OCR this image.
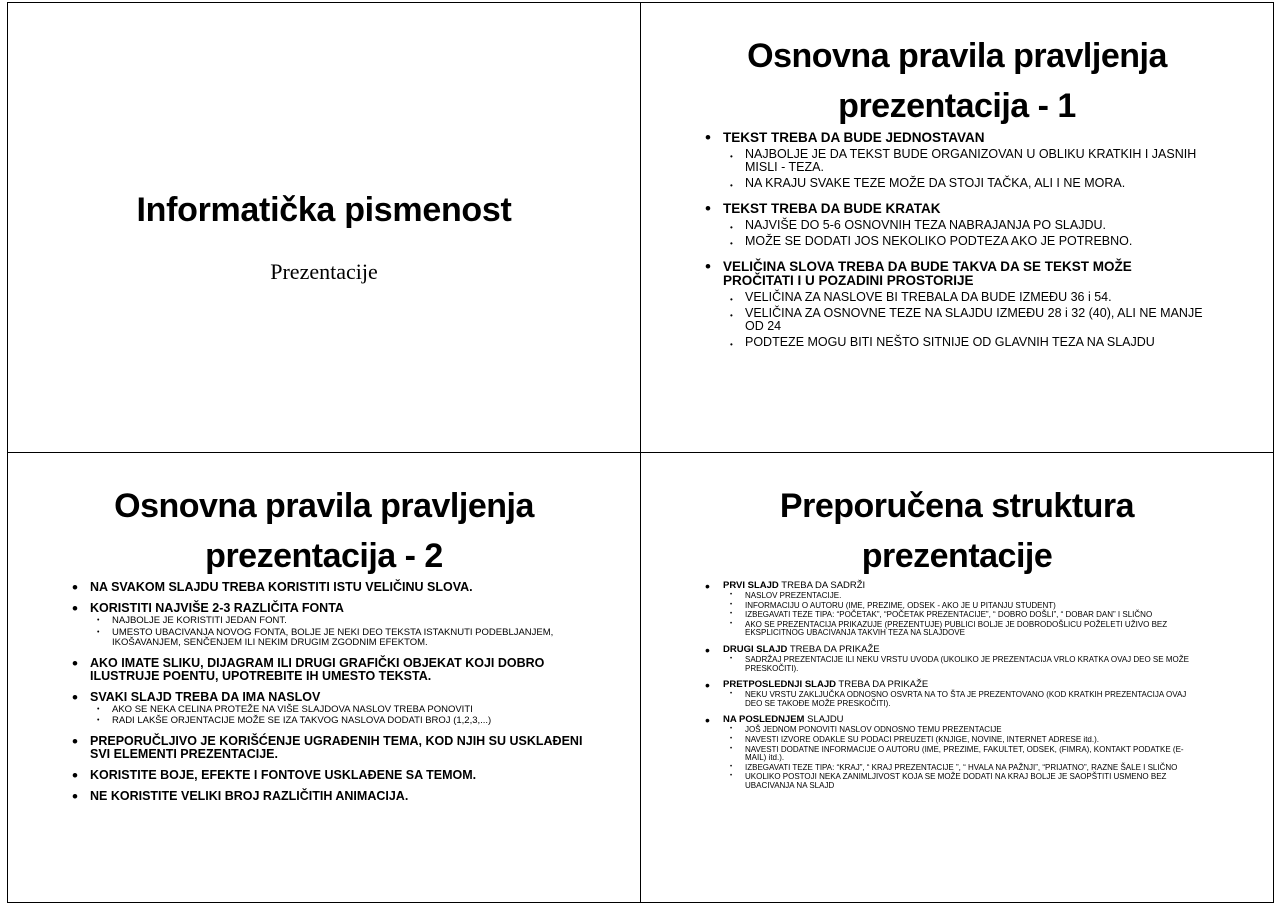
Informatička pismenost
Prezentacije
Osnovna pravila pravljenja
prezentacija - 1
• TEKST TREBA DA BUDE JEDNOSTAVAN
• NAJBOLJE JE DA TEKST BUDE ORGANIZOVAN U OBLIKU KRATKIH I JASNIH MISLI - TEZA.
• NA KRAJU SVAKE TEZE MOŽE DA STOJI TAČKA, ALI I NE MORA.
• TEKST TREBA DA BUDE KRATAK
• NAJVIŠE DO 5-6 OSNOVNIH TEZA NABRAJANJA PO SLAJDU.
• MOŽE SE DODATI JOS NEKOLIKO PODTEZA AKO JE POTREBNO.
• VELIČINA SLOVA TREBA DA BUDE TAKVA DA SE TEKST MOŽE PROČITATI I U POZADINI PROSTORIJE
• VELIČINA ZA NASLOVE BI TREBALA DA BUDE IZMEĐU 36 i 54.
• VELIČINA ZA OSNOVNE TEZE NA SLAJDU IZMEĐU 28 i 32 (40), ALI NE MANJE OD 24
• PODTEZE MOGU BITI NEŠTO SITNIJE OD GLAVNIH TEZA NA SLAJDU
Osnovna pravila pravljenja
prezentacija - 2
• NA SVAKOM SLAJDU TREBA KORISTITI ISTU VELIČINU SLOVA.
• KORISTITI NAJVIŠE 2-3 RAZLIČITA FONTA
• NAJBOLJE JE KORISTITI JEDAN FONT.
• UMESTO UBACIVANJA NOVOG FONTA, BOLJE JE NEKI DEO TEKSTA ISTAKNUTI PODEBLJANJEM, IKOŠAVANJEM, SENČENJEM ILI NEKIM DRUGIM ZGODNIM EFEKTOM.
• AKO IMATE SLIKU, DIJAGRAM ILI DRUGI GRAFIČKI OBJEKAT KOJI DOBRO ILUSTRUJE POENTU, UPOTREBITE IH UMESTO TEKSTA.
• SVAKI SLAJD TREBA DA IMA NASLOV
• AKO SE NEKA CELINA PROTEŽE NA VIŠE SLAJDOVA NASLOV TREBA PONOVITI
• RADI LAKŠE ORJENTACIJE MOŽE SE IZA TAKVOG NASLOVA DODATI BROJ (1,2,3,...)
• PREPORUČLJIVO JE KORIŠĆENJE UGRAĐENIH TEMA, KOD NJIH SU USKLAĐENI SVI ELEMENTI PREZENTACIJE.
• KORISTITE BOJE, EFEKTE I FONTOVE USKLAĐENE SA TEMOM.
• NE KORISTITE VELIKI BROJ RAZLIČITIH ANIMACIJA.
Preporučena struktura
prezentacije
• PRVI SLAJD TREBA DA SADRŽI
• NASLOV PREZENTACIJE.
• INFORMACIJU O AUTORU (IME, PREZIME, ODSEK - AKO JE U PITANJU STUDENT)
• IZBEGAVATI TEZE TIPA: “POČETAK”, “POČETAK PREZENTACIJE”, “ DOBRO DOŠLI”, “ DOBAR DAN” I SLIČNO
• AKO SE PREZENTACIJA PRIKAZUJE (PREZENTUJE) PUBLICI BOLJE JE DOBRODOŠLICU POŽELETI UŽIVO BEZ EKSPLICITNOG UBACIVANJA TAKVIH TEZA NA SLAJDOVE
• DRUGI SLAJD TREBA DA PRIKAŽE
• SADRŽAJ PREZENTACIJE ILI NEKU VRSTU UVODA (UKOLIKO JE PREZENTACIJA VRLO KRATKA OVAJ DEO SE MOŽE PRESKOČITI).
• PRETPOSLEDNJI SLAJD TREBA DA PRIKAŽE
• NEKU VRSTU ZAKLJUČKA ODNOSNO OSVRTA NA TO ŠTA JE PREZENTOVANO (KOD KRATKIH PREZENTACIJA OVAJ DEO SE TAKOĐE MOŽE PRESKOČITI).
• NA POSLEDNJEM SLAJDU
• JOŠ JEDNOM PONOVITI NASLOV ODNOSNO TEMU PREZENTACIJE
• NAVESTI IZVORE ODAKLE SU PODACI PREUZETI (KNJIGE, NOVINE, INTERNET ADRESE itd.).
• NAVESTI DODATNE INFORMACIJE O AUTORU (IME, PREZIME, FAKULTET, ODSEK, (FIMRA), KONTAKT PODATKE (E-MAIL) itd.).
• IZBEGAVATI TEZE TIPA: “KRAJ”, “ KRAJ PREZENTACIJE ”, “ HVALA NA PAŽNJI”, “PRIJATNO”, RAZNE ŠALE I SLIČNO
• UKOLIKO POSTOJI NEKA ZANIMLJIVOST KOJA SE MOŽE DODATI NA KRAJ BOLJE JE SAOPŠTITI USMENO BEZ UBACIVANJA NA SLAJD
